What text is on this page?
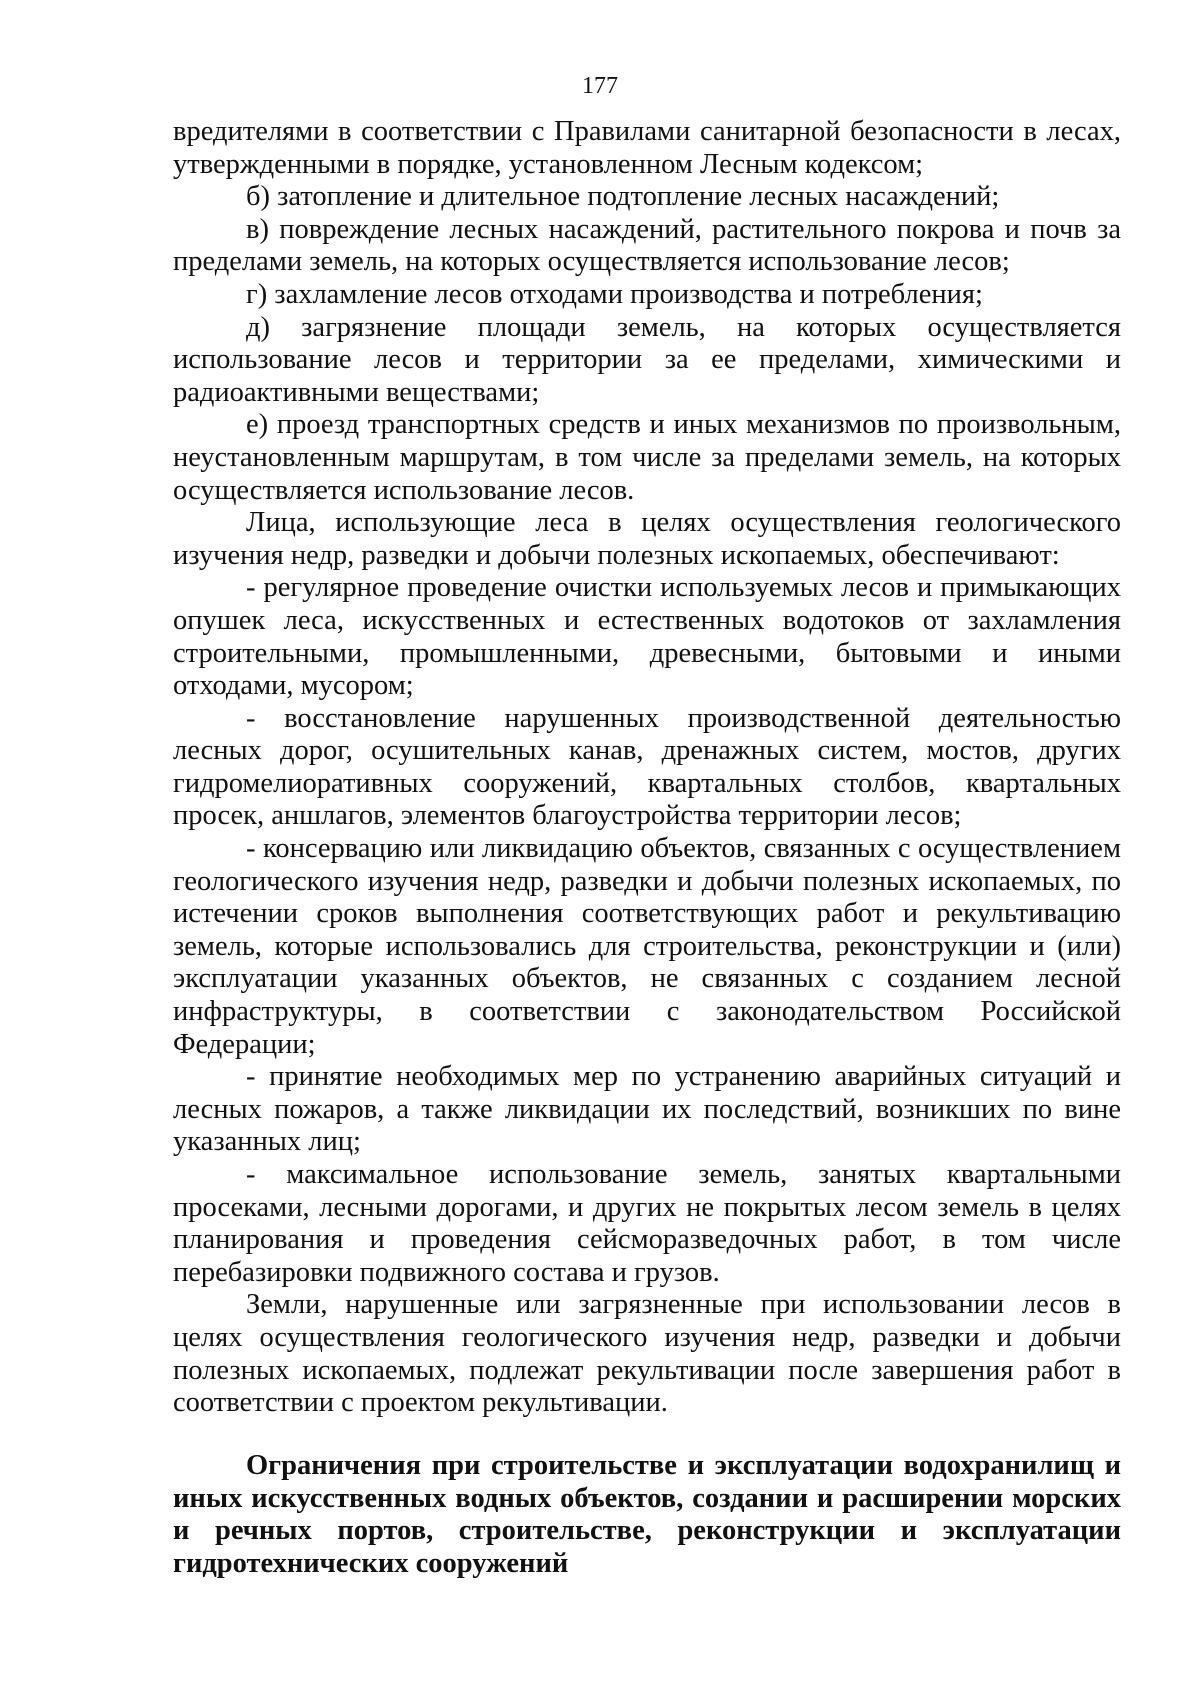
177

вредителями в соответствии с Правилами санитарной безопасности в лесах, утвержденными в порядке, установленном Лесным кодексом;

б) затопление и длительное подтопление лесных насаждений;

в) повреждение лесных насаждений, растительного покрова и почв за пределами земель, на которых осуществляется использование лесов;

г) захламление лесов отходами производства и потребления;

д) загрязнение площади земель, на которых осуществляется использование лесов и территории за ее пределами, химическими и радиоактивными веществами;

е) проезд транспортных средств и иных механизмов по произвольным, неустановленным маршрутам, в том числе за пределами земель, на которых осуществляется использование лесов.

Лица, использующие леса в целях осуществления геологического изучения недр, разведки и добычи полезных ископаемых, обеспечивают:

- регулярное проведение очистки используемых лесов и примыкающих опушек леса, искусственных и естественных водотоков от захламления строительными, промышленными, древесными, бытовыми и иными отходами, мусором;

- восстановление нарушенных производственной деятельностью лесных дорог, осушительных канав, дренажных систем, мостов, других гидромелиоративных сооружений, квартальных столбов, квартальных просек, аншлагов, элементов благоустройства территории лесов;

- консервацию или ликвидацию объектов, связанных с осуществлением геологического изучения недр, разведки и добычи полезных ископаемых, по истечении сроков выполнения соответствующих работ и рекультивацию земель, которые использовались для строительства, реконструкции и (или) эксплуатации указанных объектов, не связанных с созданием лесной инфраструктуры, в соответствии с законодательством Российской Федерации;

- принятие необходимых мер по устранению аварийных ситуаций и лесных пожаров, а также ликвидации их последствий, возникших по вине указанных лиц;

- максимальное использование земель, занятых квартальными просеками, лесными дорогами, и других не покрытых лесом земель в целях планирования и проведения сейсморазведочных работ, в том числе перебазировки подвижного состава и грузов.

Земли, нарушенные или загрязненные при использовании лесов в целях осуществления геологического изучения недр, разведки и добычи полезных ископаемых, подлежат рекультивации после завершения работ в соответствии с проектом рекультивации.

Ограничения при строительстве и эксплуатации водохранилищ и иных искусственных водных объектов, создании и расширении морских и речных портов, строительстве, реконструкции и эксплуатации гидротехнических сооружений
